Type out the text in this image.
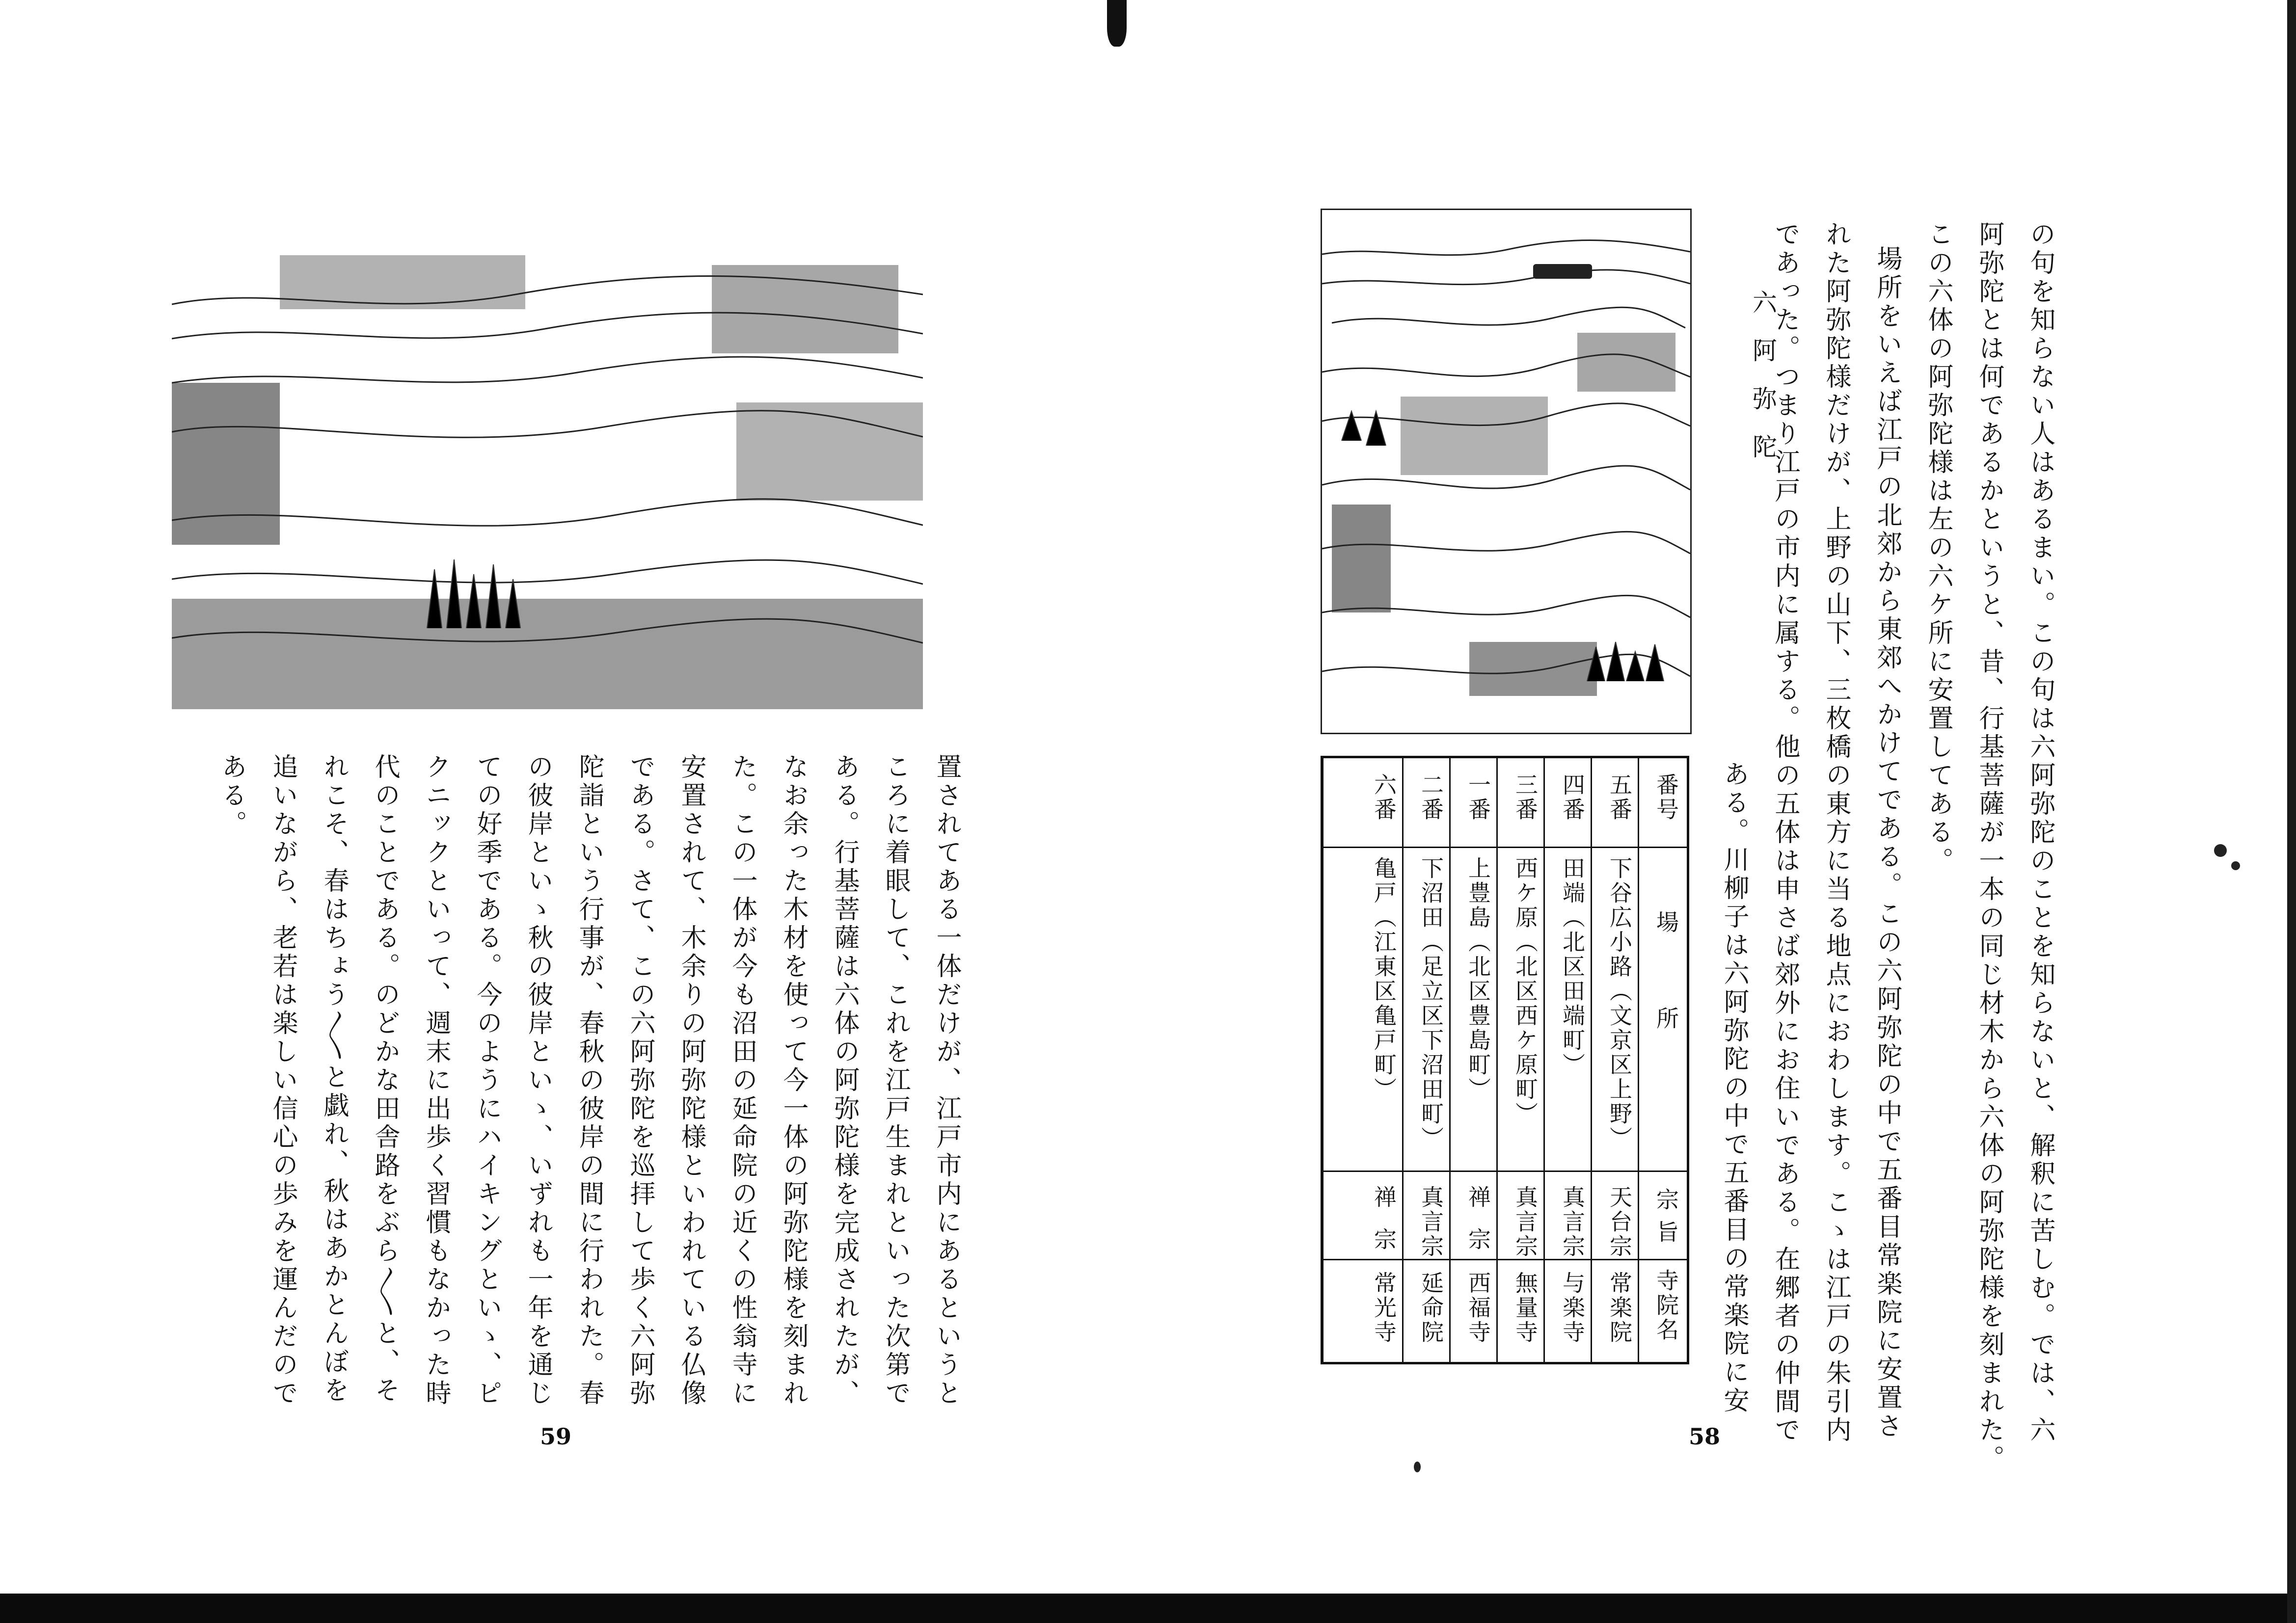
の句を知らない人はあるまい。この句は六阿弥陀のことを知らないと、解釈に苦しむ。では、六
阿弥陀とは何であるかというと、昔、行基菩薩が一本の同じ材木から六体の阿弥陀様を刻まれた。
この六体の阿弥陀様は左の六ケ所に安置してある。
場所をいえば江戸の北郊から東郊へかけてである。この六阿弥陀の中で五番目常楽院に安置さ
れた阿弥陀様だけが、上野の山下、三枚橋の東方に当る地点におわします。こゝは江戸の朱引内
であった。つまり江戸の市内に属する。他の五体は申さば郊外にお住いである。在郷者の仲間で
ある。川柳子は六阿弥陀の中で五番目の常楽院に安
六阿弥陀
番号
場所
宗旨
寺院名
五番
下谷広小路（文京区上野）
天台宗
常楽院
四番
田端（北区田端町）
真言宗
与楽寺
三番
西ケ原（北区西ケ原町）
真言宗
無量寺
一番
上豊島（北区豊島町）
禅宗
西福寺
二番
下沼田（足立区下沼田町）
真言宗
延命院
六番
亀戸（江東区亀戸町）
禅宗
常光寺
58
置されてある一体だけが、江戸市内にあるというと
ころに着眼して、これを江戸生まれといった次第で
ある。行基菩薩は六体の阿弥陀様を完成されたが、
なお余った木材を使って今一体の阿弥陀様を刻まれ
た。この一体が今も沼田の延命院の近くの性翁寺に
安置されて、木余りの阿弥陀様といわれている仏像
である。さて、この六阿弥陀を巡拝して歩く六阿弥
陀詣という行事が、春秋の彼岸の間に行われた。春
の彼岸といゝ秋の彼岸といゝ、いずれも一年を通じ
ての好季である。今のようにハイキングといゝ、ピ
クニックといって、週末に出歩く習慣もなかった時
代のことである。のどかな田舎路をぶら〳〵と、そ
れこそ、春はちょう〳〵と戯れ、秋はあかとんぼを
追いながら、老若は楽しい信心の歩みを運んだので
ある。
59
